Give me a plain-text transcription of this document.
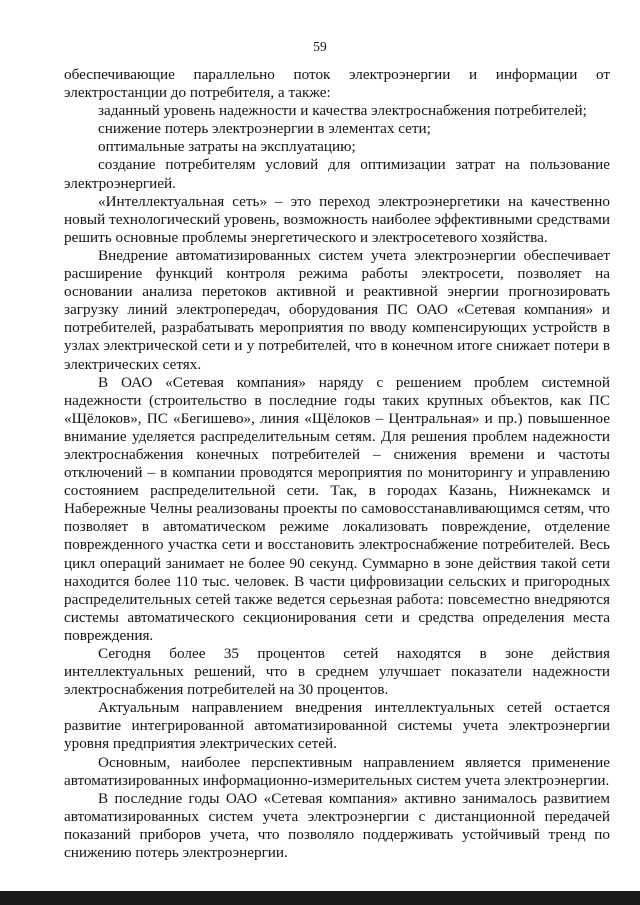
59

обеспечивающие параллельно поток электроэнергии и информации от электростанции до потребителя, а также:

заданный уровень надежности и качества электроснабжения потребителей;

снижение потерь электроэнергии в элементах сети;

оптимальные затраты на эксплуатацию;

создание потребителям условий для оптимизации затрат на пользование электроэнергией.

«Интеллектуальная сеть» – это переход электроэнергетики на качественно новый технологический уровень, возможность наиболее эффективными средствами решить основные проблемы энергетического и электросетевого хозяйства.

Внедрение автоматизированных систем учета электроэнергии обеспечивает расширение функций контроля режима работы электросети, позволяет на основании анализа перетоков активной и реактивной энергии прогнозировать загрузку линий электропередач, оборудования ПС ОАО «Сетевая компания» и потребителей, разрабатывать мероприятия по вводу компенсирующих устройств в узлах электрической сети и у потребителей, что в конечном итоге снижает потери в электрических сетях.

В ОАО «Сетевая компания» наряду с решением проблем системной надежности (строительство в последние годы таких крупных объектов, как ПС «Щёлоков», ПС «Бегишево», линия «Щёлоков – Центральная» и пр.) повышенное внимание уделяется распределительным сетям. Для решения проблем надежности электроснабжения конечных потребителей – снижения времени и частоты отключений – в компании проводятся мероприятия по мониторингу и управлению состоянием распределительной сети. Так, в городах Казань, Нижнекамск и Набережные Челны реализованы проекты по самовосстанавливающимся сетям, что позволяет в автоматическом режиме локализовать повреждение, отделение поврежденного участка сети и восстановить электроснабжение потребителей. Весь цикл операций занимает не более 90 секунд. Суммарно в зоне действия такой сети находится более 110 тыс. человек. В части цифровизации сельских и пригородных распределительных сетей также ведется серьезная работа: повсеместно внедряются системы автоматического секционирования сети и средства определения места повреждения.

Сегодня более 35 процентов сетей находятся в зоне действия интеллектуальных решений, что в среднем улучшает показатели надежности электроснабжения потребителей на 30 процентов.

Актуальным направлением внедрения интеллектуальных сетей остается развитие интегрированной автоматизированной системы учета электроэнергии уровня предприятия электрических сетей.

Основным, наиболее перспективным направлением является применение автоматизированных информационно-измерительных систем учета электроэнергии.

В последние годы ОАО «Сетевая компания» активно занималось развитием автоматизированных систем учета электроэнергии с дистанционной передачей показаний приборов учета, что позволяло поддерживать устойчивый тренд по снижению потерь электроэнергии.
